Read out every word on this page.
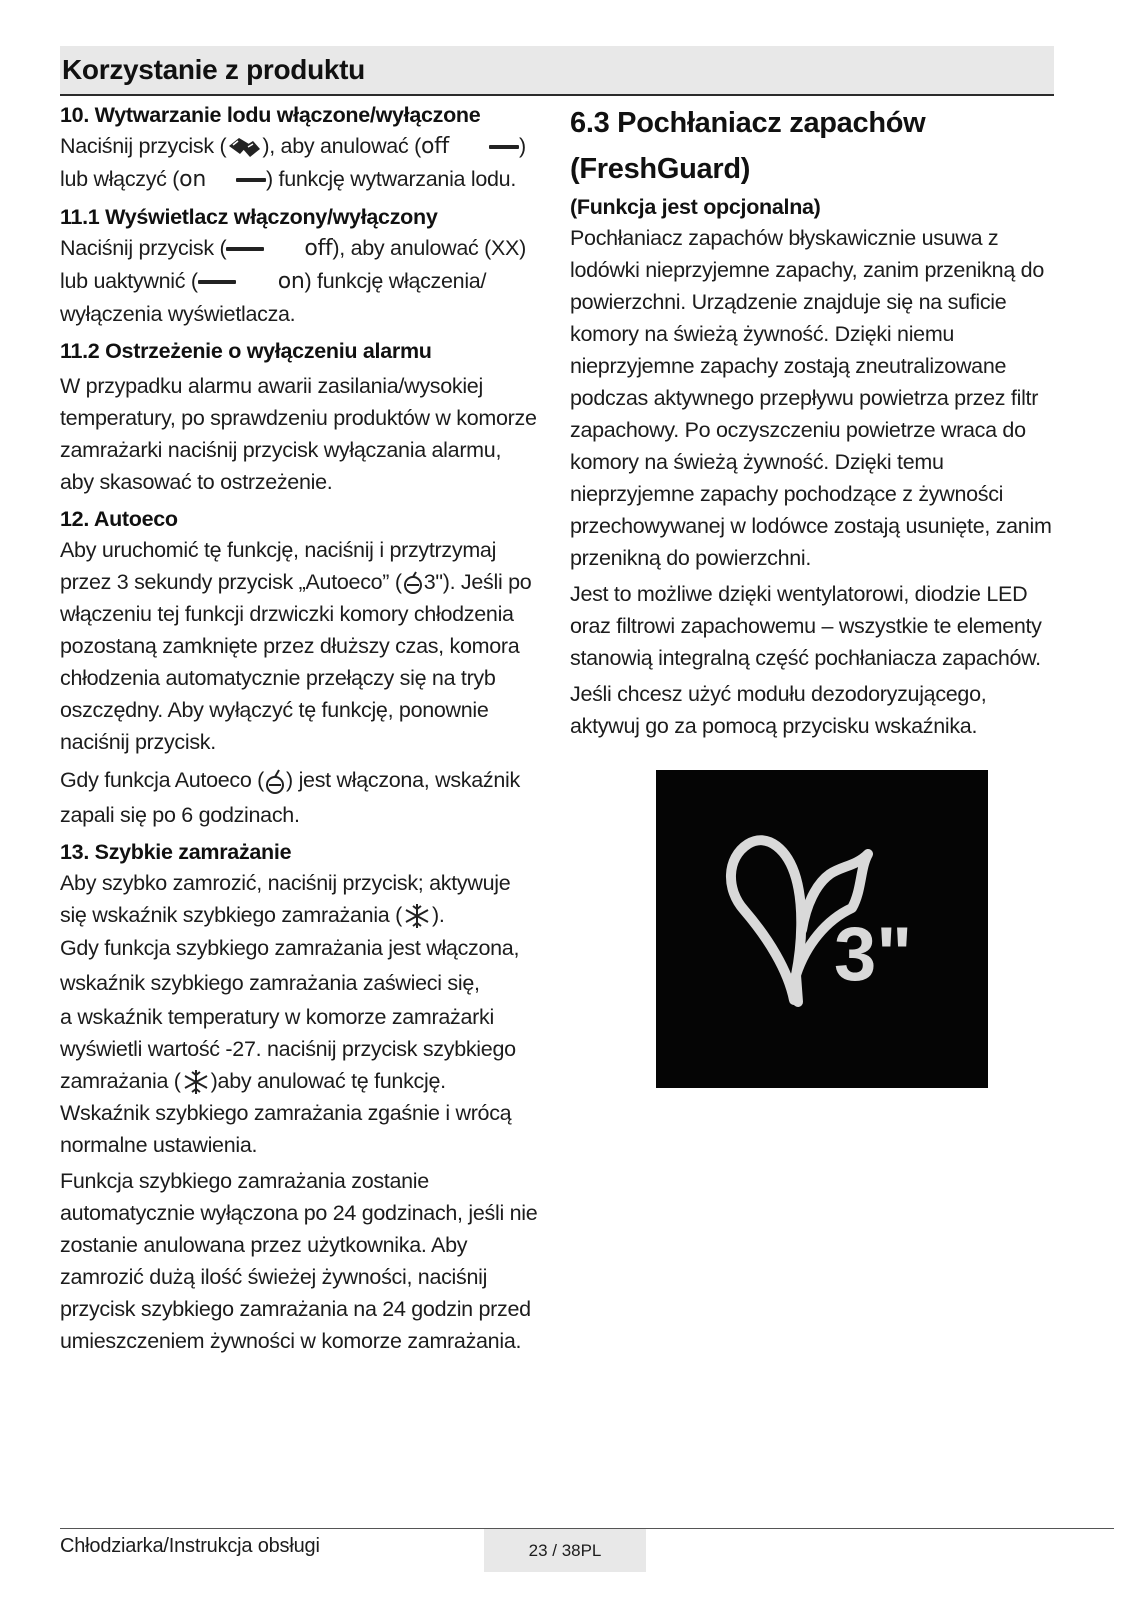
Korzystanie z produktu
10. Wytwarzanie lodu włączone/wyłączone
Naciśnij przycisk ( ), aby anulować (off	)
lub włączyć (on	) funkcję wytwarzania lodu.
11.1 Wyświetlacz włączony/wyłączony
Naciśnij przycisk (	off), aby anulować (XX)
lub uaktywnić (	on) funkcję włączenia/
wyłączenia wyświetlacza.
11.2 Ostrzeżenie o wyłączeniu alarmu
W przypadku alarmu awarii zasilania/wysokiej temperatury, po sprawdzeniu produktów w komorze zamrażarki naciśnij przycisk wyłączania alarmu, aby skasować to ostrzeżenie.
12. Autoeco
Aby uruchomić tę funkcję, naciśnij i przytrzymaj przez 3 sekundy przycisk „Autoeco” ( 3"). Jeśli po włączeniu tej funkcji drzwiczki komory chłodzenia pozostaną zamknięte przez dłuższy czas, komora chłodzenia automatycznie przełączy się na tryb oszczędny. Aby wyłączyć tę funkcję, ponownie naciśnij przycisk.
Gdy funkcja Autoeco ( ) jest włączona, wskaźnik zapali się po 6 godzinach.
13. Szybkie zamrażanie
Aby szybko zamrozić, naciśnij przycisk; aktywuje się wskaźnik szybkiego zamrażania ( ).
Gdy funkcja szybkiego zamrażania jest włączona, wskaźnik szybkiego zamrażania zaświeci się,
a wskaźnik temperatury w komorze zamrażarki wyświetli wartość -27. naciśnij przycisk szybkiego zamrażania ( )aby anulować tę funkcję. Wskaźnik szybkiego zamrażania zgaśnie i wrócą normalne ustawienia.
Funkcja szybkiego zamrażania zostanie automatycznie wyłączona po 24 godzinach, jeśli nie zostanie anulowana przez użytkownika. Aby zamrozić dużą ilość świeżej żywności, naciśnij przycisk szybkiego zamrażania na 24 godzin przed umieszczeniem żywności w komorze zamrażania.
6.3 Pochłaniacz zapachów
(FreshGuard)
(Funkcja jest opcjonalna)
Pochłaniacz zapachów błyskawicznie usuwa z lodówki nieprzyjemne zapachy, zanim przenikną do powierzchni. Urządzenie znajduje się na suficie komory na świeżą żywność. Dzięki niemu nieprzyjemne zapachy zostają zneutralizowane podczas aktywnego przepływu powietrza przez filtr zapachowy. Po oczyszczeniu powietrze wraca do komory na świeżą żywność. Dzięki temu nieprzyjemne zapachy pochodzące z żywności przechowywanej w lodówce zostają usunięte, zanim przenikną do powierzchni.
Jest to możliwe dzięki wentylatorowi, diodzie LED oraz filtrowi zapachowemu – wszystkie te elementy stanowią integralną część pochłaniacza zapachów.
Jeśli chcesz użyć modułu dezodoryzującego, aktywuj go za pomocą przycisku wskaźnika.
3"
Chłodziarka/Instrukcja obsługi	23 / 38PL
